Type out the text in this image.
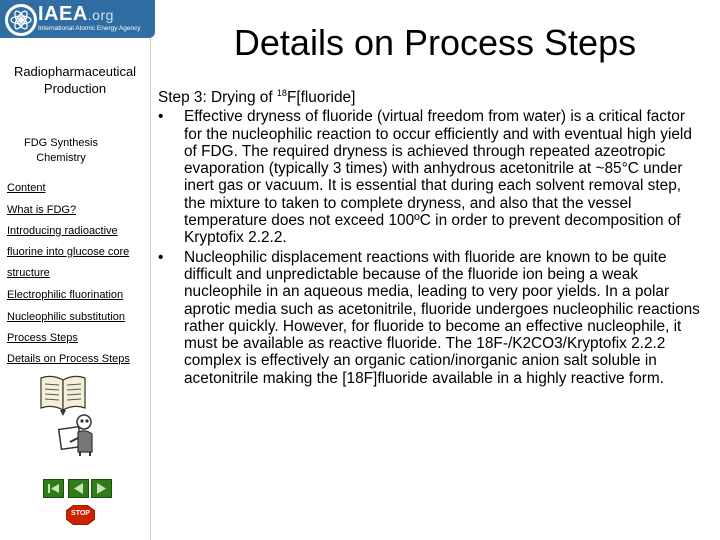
IAEA.org
International Atomic Energy Agency
Radiopharmaceutical Production
FDG Synthesis Chemistry
Content
What is FDG?
Introducing radioactive
fluorine into glucose core
structure
Electrophilic fluorination
Nucleophilic substitution
Process Steps
Details on Process Steps
STOP
Details on Process Steps
Step 3: Drying of $^{18}$F[fluoride]
• Effective dryness of fluoride (virtual freedom from water) is a critical factor for the nucleophilic reaction to occur efficiently and with eventual high yield of FDG. The required dryness is achieved through repeated azeotropic evaporation (typically 3 times) with anhydrous acetonitrile at ~85°C under inert gas or vacuum. It is essential that during each solvent removal step, the mixture to taken to complete dryness, and also that the vessel temperature does not exceed 100ºC in order to prevent decomposition of Kryptofix 2.2.2.
• Nucleophilic displacement reactions with fluoride are known to be quite difficult and unpredictable because of the fluoride ion being a weak nucleophile in an aqueous media, leading to very poor yields. In a polar aprotic media such as acetonitrile, fluoride undergoes nucleophilic reactions rather quickly. However, for fluoride to become an effective nucleophile, it must be available as reactive fluoride. The 18F-/K2CO3/Kryptofix 2.2.2 complex is effectively an organic cation/inorganic anion salt soluble in acetonitrile making the [18F]fluoride available in a highly reactive form.
